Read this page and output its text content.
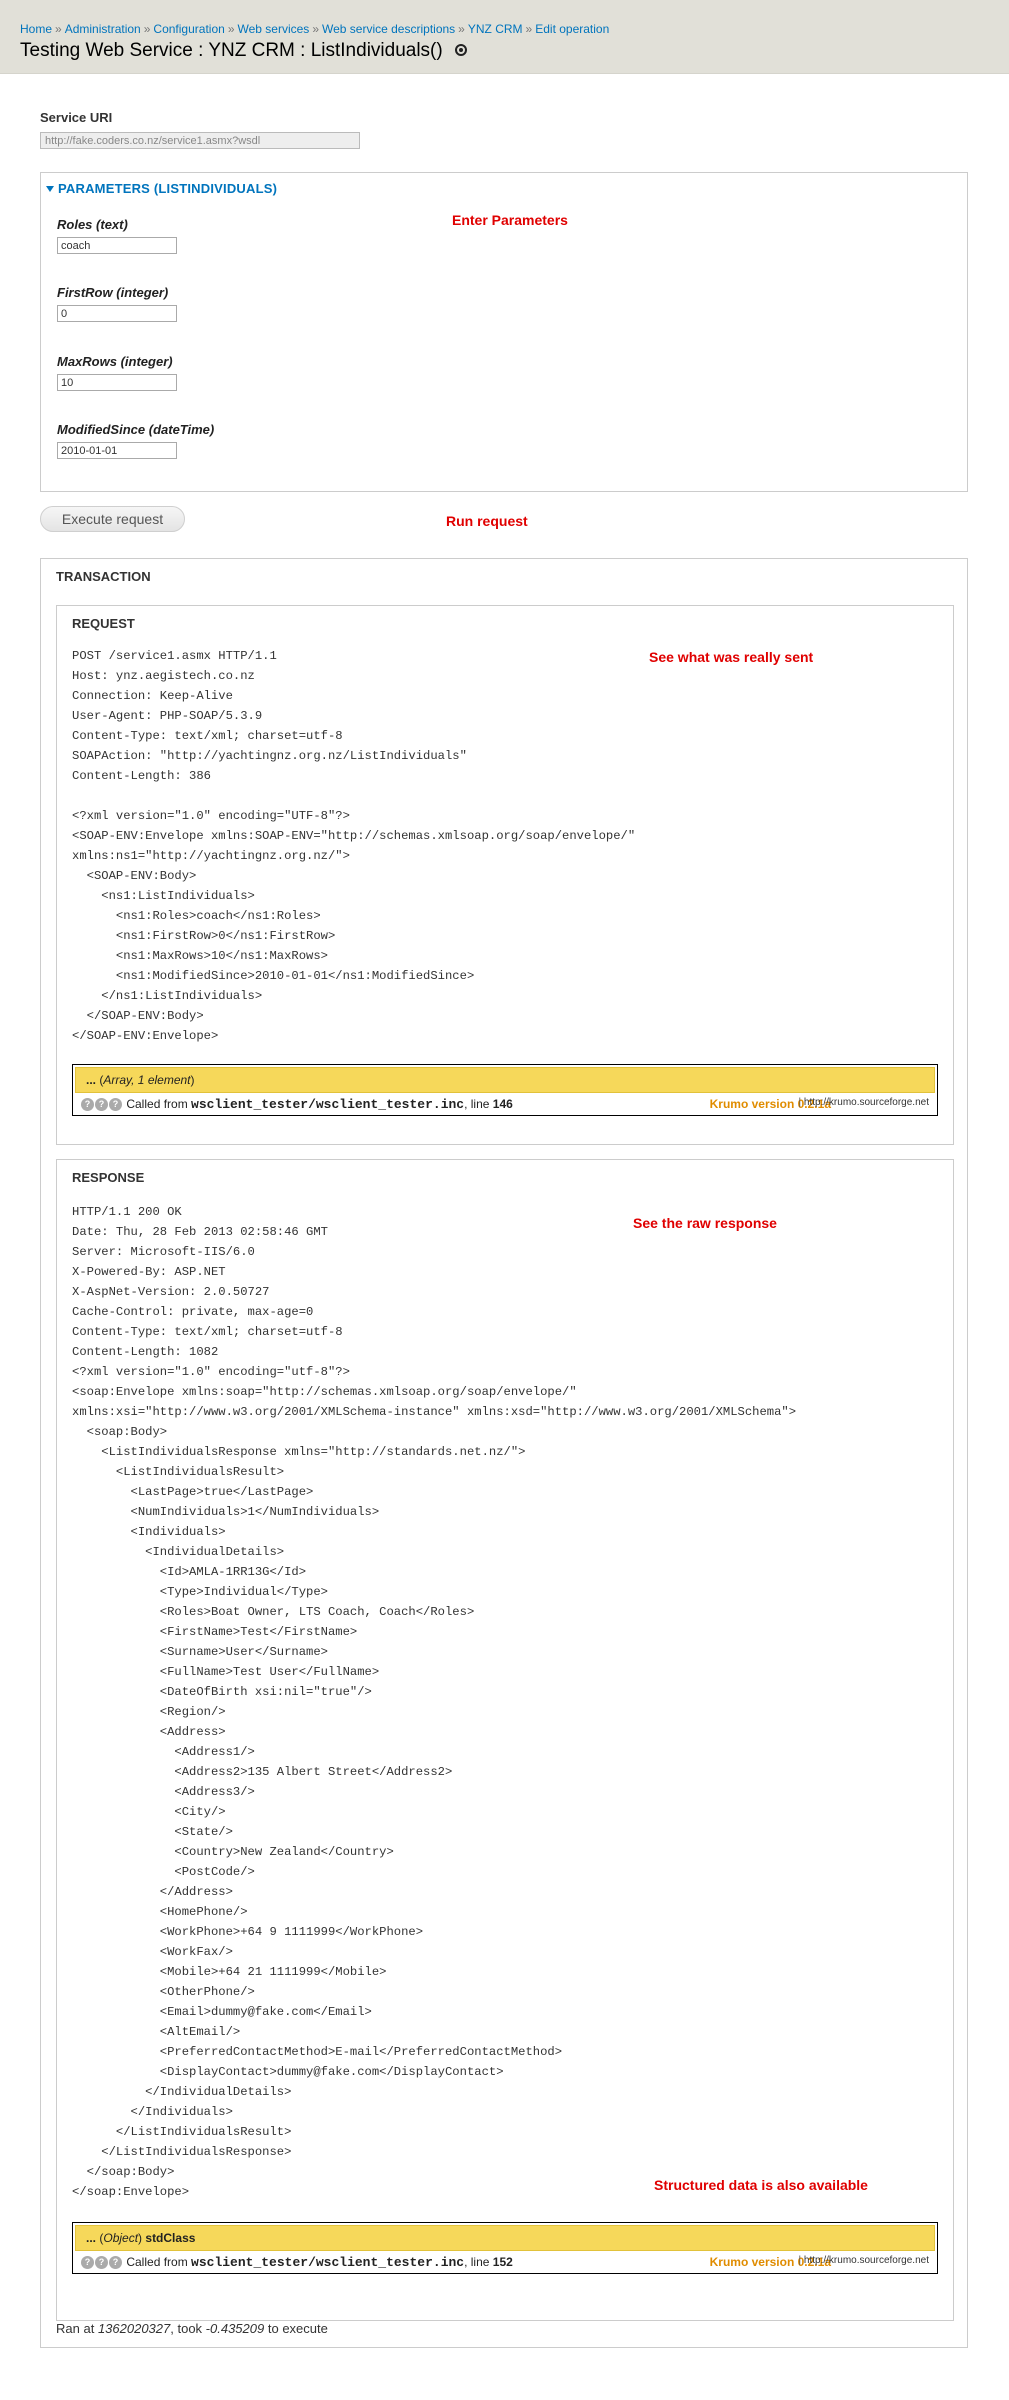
Home » Administration » Configuration » Web services » Web service descriptions » YNZ CRM » Edit operation
Testing Web Service : YNZ CRM : ListIndividuals()
Service URI
http://fake.coders.co.nz/service1.asmx?wsdl
PARAMETERS (LISTINDIVIDUALS)
Roles (text)
coach
FirstRow (integer)
0
MaxRows (integer)
10
ModifiedSince (dateTime)
2010-01-01
Enter Parameters
Execute request	Run request
TRANSACTION
REQUEST
See what was really sent
POST /service1.asmx HTTP/1.1
Host: ynz.aegistech.co.nz
Connection: Keep-Alive
User-Agent: PHP-SOAP/5.3.9
Content-Type: text/xml; charset=utf-8
SOAPAction: "http://yachtingnz.org.nz/ListIndividuals"
Content-Length: 386
<?xml version="1.0" encoding="UTF-8"?>
<SOAP-ENV:Envelope xmlns:SOAP-ENV="http://schemas.xmlsoap.org/soap/envelope/"
xmlns:ns1="http://yachtingnz.org.nz/">
<SOAP-ENV:Body>
<ns1:ListIndividuals>
<ns1:Roles>coach</ns1:Roles>
<ns1:FirstRow>0</ns1:FirstRow>
<ns1:MaxRows>10</ns1:MaxRows>
<ns1:ModifiedSince>2010-01-01</ns1:ModifiedSince>
</ns1:ListIndividuals>
</SOAP-ENV:Body>
</SOAP-ENV:Envelope>
... (Array, 1 element)
? ? ? Called from wsclient_tester/wsclient_tester.inc, line 146	Krumo version 0.2.1a
| http://krumo.sourceforge.net
RESPONSE
See the raw response
HTTP/1.1 200 OK
Date: Thu, 28 Feb 2013 02:58:46 GMT
Server: Microsoft-IIS/6.0
X-Powered-By: ASP.NET
X-AspNet-Version: 2.0.50727
Cache-Control: private, max-age=0
Content-Type: text/xml; charset=utf-8
Content-Length: 1082
<?xml version="1.0" encoding="utf-8"?>
<soap:Envelope xmlns:soap="http://schemas.xmlsoap.org/soap/envelope/"
xmlns:xsi="http://www.w3.org/2001/XMLSchema-instance" xmlns:xsd="http://www.w3.org/2001/XMLSchema">
<soap:Body>
<ListIndividualsResponse xmlns="http://standards.net.nz/">
<ListIndividualsResult>
<LastPage>true</LastPage>
<NumIndividuals>1</NumIndividuals>
<Individuals>
<IndividualDetails>
<Id>AMLA-1RR13G</Id>
<Type>Individual</Type>
<Roles>Boat Owner, LTS Coach, Coach</Roles>
<FirstName>Test</FirstName>
<Surname>User</Surname>
<FullName>Test User</FullName>
<DateOfBirth xsi:nil="true"/>
<Region/>
<Address>
<Address1/>
<Address2>135 Albert Street</Address2>
<Address3/>
<City/>
<State/>
<Country>New Zealand</Country>
<PostCode/>
</Address>
<HomePhone/>
<WorkPhone>+64 9 1111999</WorkPhone>
<WorkFax/>
<Mobile>+64 21 1111999</Mobile>
<OtherPhone/>
<Email>dummy@fake.com</Email>
<AltEmail/>
<PreferredContactMethod>E-mail</PreferredContactMethod>
<DisplayContact>dummy@fake.com</DisplayContact>
</IndividualDetails>
</Individuals>
</ListIndividualsResult>
</ListIndividualsResponse>
</soap:Body>
</soap:Envelope>	Structured data is also available
... (Object) stdClass
? ? ? Called from wsclient_tester/wsclient_tester.inc, line 152	Krumo version 0.2.1a
| http://krumo.sourceforge.net
Ran at 1362020327, took -0.435209 to execute
